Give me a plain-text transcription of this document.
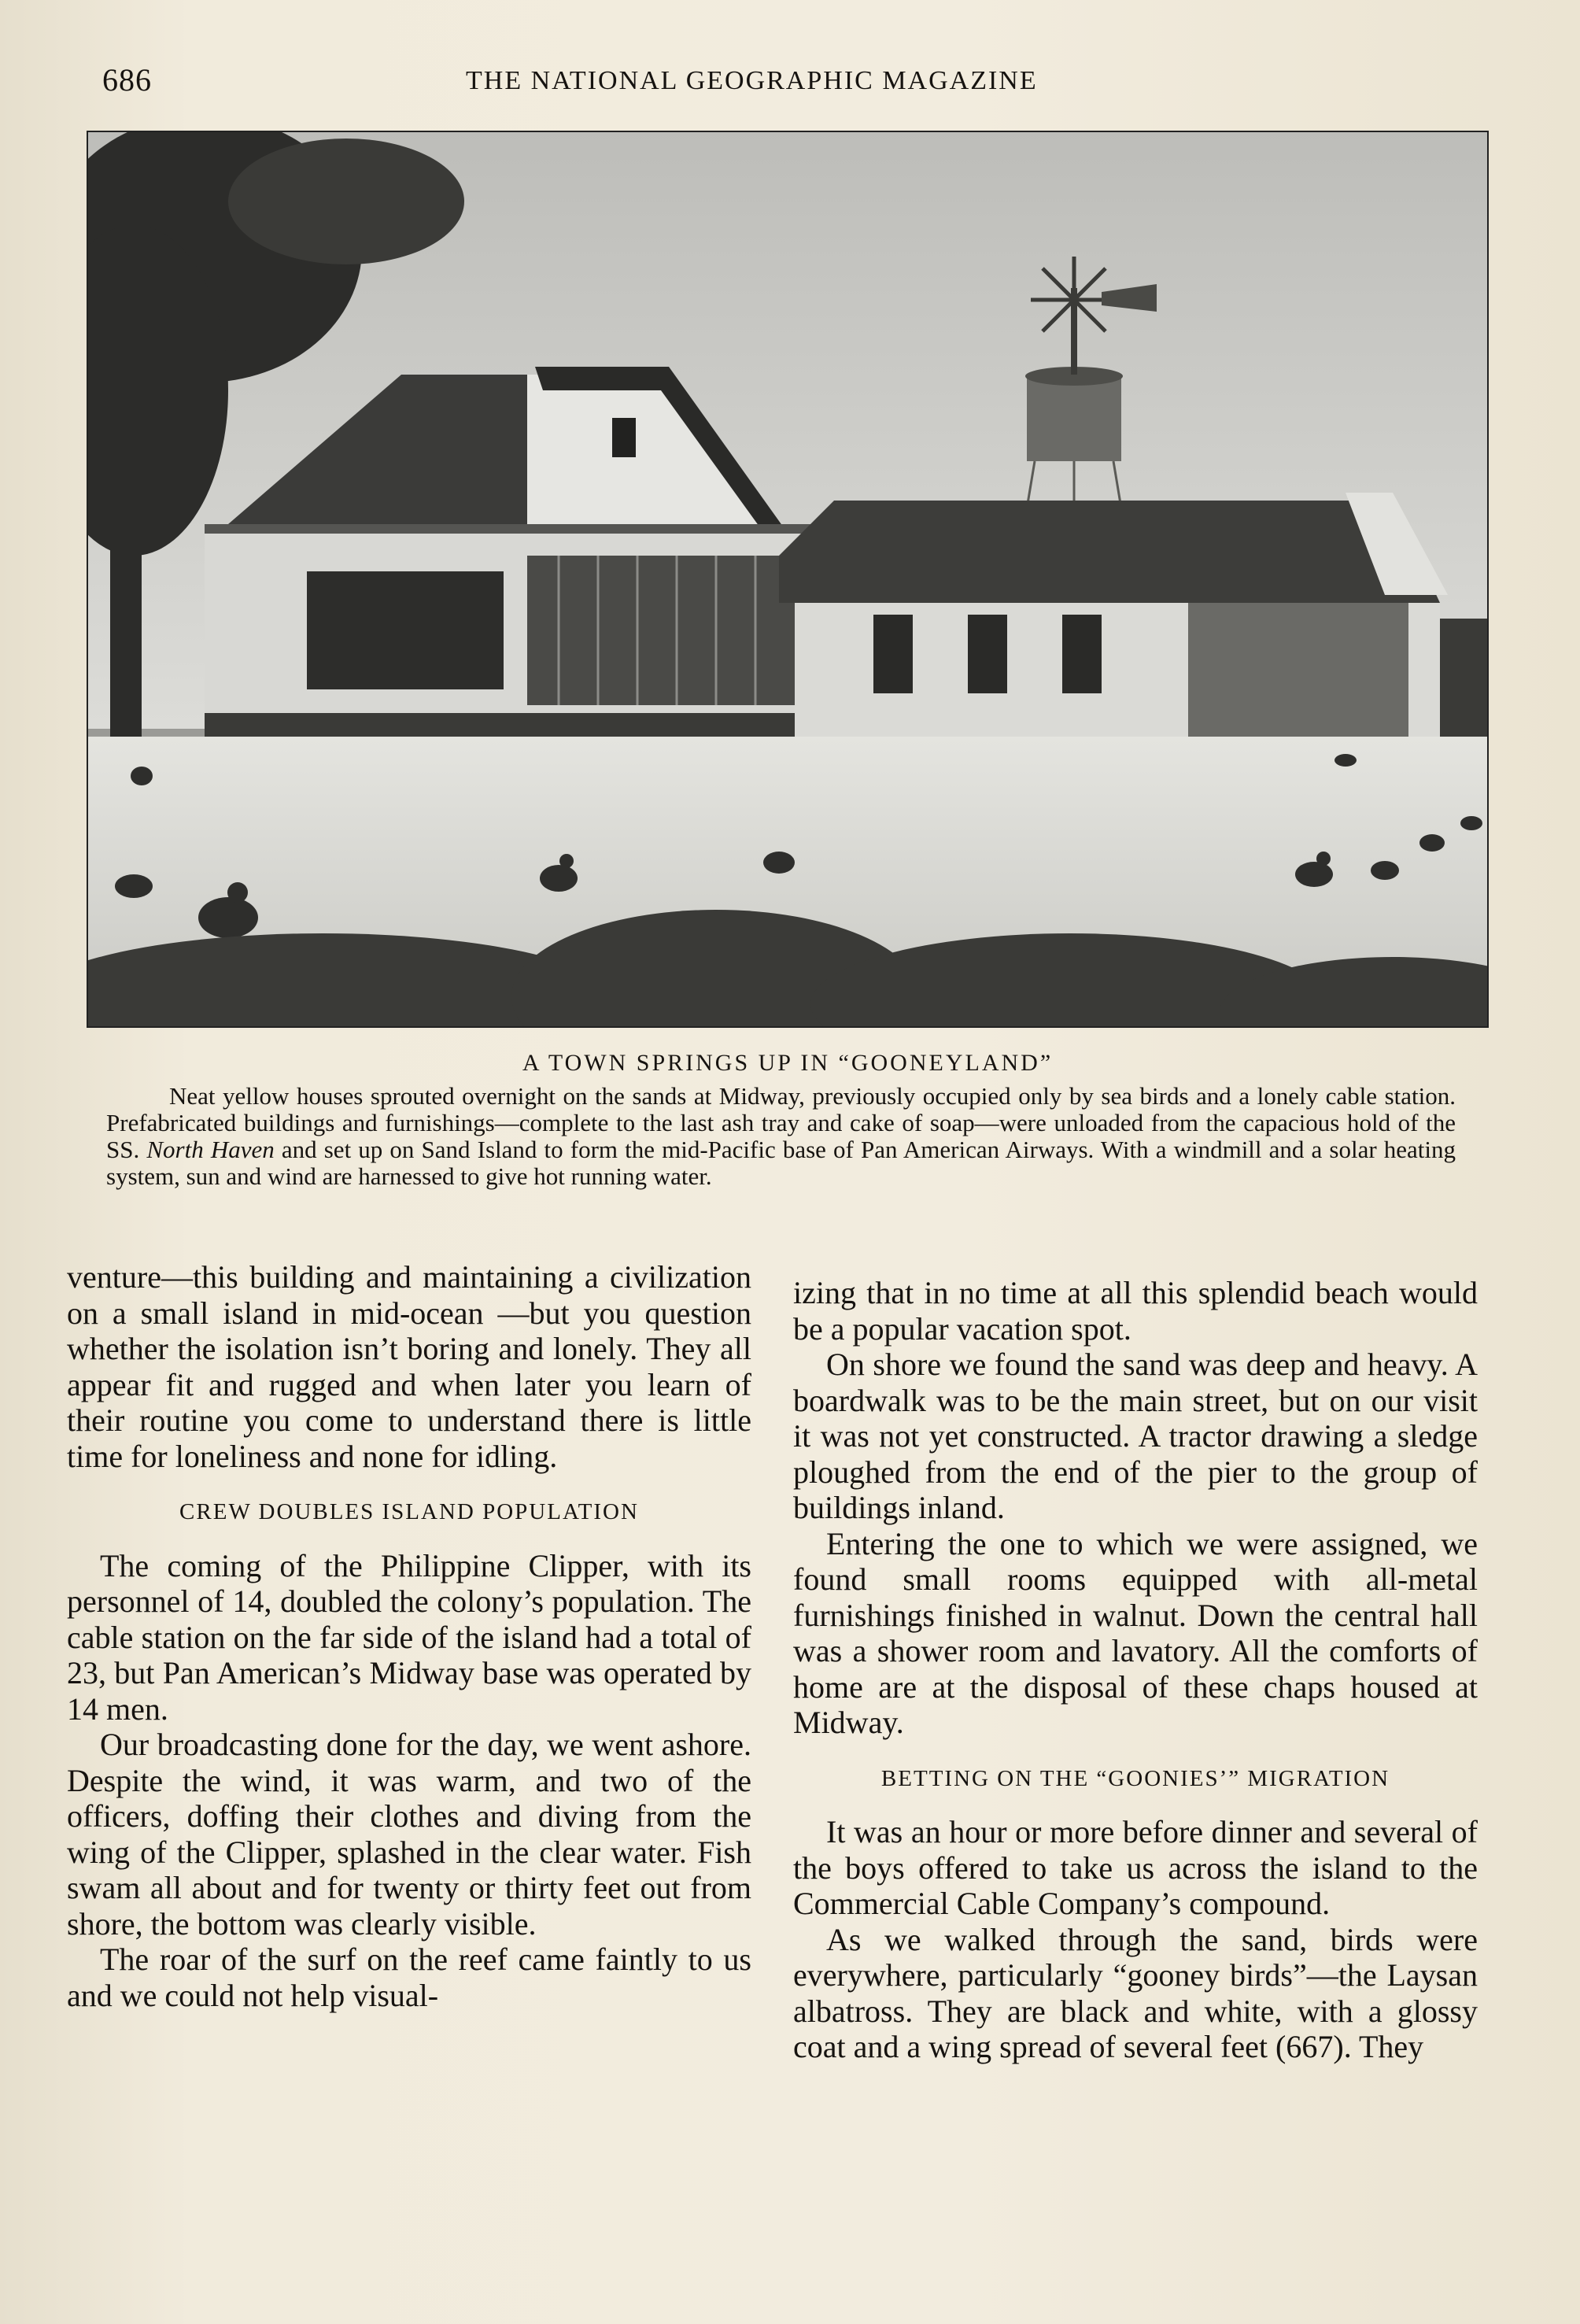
686	THE NATIONAL GEOGRAPHIC MAGAZINE
A TOWN SPRINGS UP IN “GOONEYLAND”
Neat yellow houses sprouted overnight on the sands at Midway, previously occupied only by sea birds and a lonely cable station. Prefabricated buildings and furnishings—complete to the last ash tray and cake of soap—were unloaded from the capacious hold of the SS. North Haven and set up on Sand Island to form the mid-Pacific base of Pan American Airways. With a windmill and a solar heating system, sun and wind are harnessed to give hot running water.

venture—this building and maintaining a civilization on a small island in mid-ocean —but you question whether the isolation isn’t boring and lonely. They all appear fit and rugged and when later you learn of their routine you come to understand there is little time for loneliness and none for idling.

CREW DOUBLES ISLAND POPULATION

The coming of the Philippine Clipper, with its personnel of 14, doubled the colony’s population. The cable station on the far side of the island had a total of 23, but Pan American’s Midway base was operated by 14 men.

Our broadcasting done for the day, we went ashore. Despite the wind, it was warm, and two of the officers, doffing their clothes and diving from the wing of the Clipper, splashed in the clear water. Fish swam all about and for twenty or thirty feet out from shore, the bottom was clearly visible.

The roar of the surf on the reef came faintly to us and we could not help visual-

izing that in no time at all this splendid beach would be a popular vacation spot.

On shore we found the sand was deep and heavy. A boardwalk was to be the main street, but on our visit it was not yet constructed. A tractor drawing a sledge ploughed from the end of the pier to the group of buildings inland.

Entering the one to which we were assigned, we found small rooms equipped with all-metal furnishings finished in walnut. Down the central hall was a shower room and lavatory. All the comforts of home are at the disposal of these chaps housed at Midway.

BETTING ON THE “GOONIES’” MIGRATION

It was an hour or more before dinner and several of the boys offered to take us across the island to the Commercial Cable Company’s compound.

As we walked through the sand, birds were everywhere, particularly “gooney birds”—the Laysan albatross. They are black and white, with a glossy coat and a wing spread of several feet (667). They
